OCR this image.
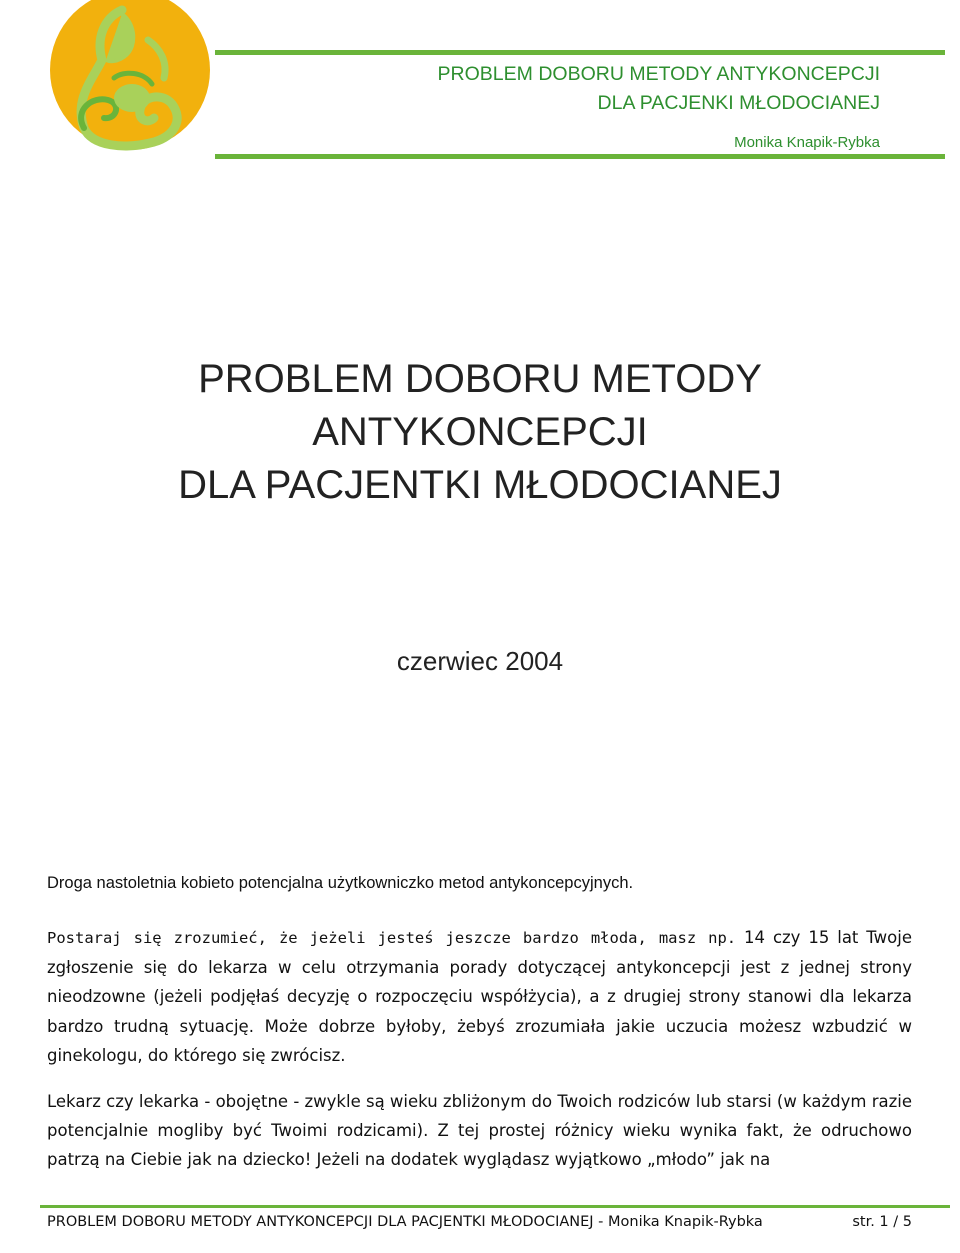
PROBLEM DOBORU METODY ANTYKONCEPCJI
DLA PACJENKI MŁODOCIANEJ
Monika Knapik-Rybka
PROBLEM DOBORU METODY
ANTYKONCEPCJI
DLA PACJENTKI MŁODOCIANEJ
czerwiec 2004

Droga nastoletnia kobieto potencjalna użytkowniczko metod antykoncepcyjnych.

Postaraj się zrozumieć, że jeżeli jesteś jeszcze bardzo młoda, masz np. 14 czy 15 lat Twoje zgłoszenie się do lekarza w celu otrzymania porady dotyczącej antykoncepcji jest z jednej strony nieodzowne (jeżeli podjęłaś decyzję o rozpoczęciu współżycia), a z drugiej strony stanowi dla lekarza bardzo trudną sytuację. Może dobrze byłoby, żebyś zrozumiała jakie uczucia możesz wzbudzić w ginekologu, do którego się zwrócisz.

Lekarz czy lekarka - obojętne - zwykle są wieku zbliżonym do Twoich rodziców lub starsi (w każdym razie potencjalnie mogliby być Twoimi rodzicami). Z tej prostej różnicy wieku wynika fakt, że odruchowo patrzą na Ciebie jak na dziecko! Jeżeli na dodatek wyglądasz wyjątkowo „młodo” jak na

PROBLEM DOBORU METODY ANTYKONCEPCJI DLA PACJENTKI MŁODOCIANEJ - Monika Knapik-Rybka	str. 1 / 5
